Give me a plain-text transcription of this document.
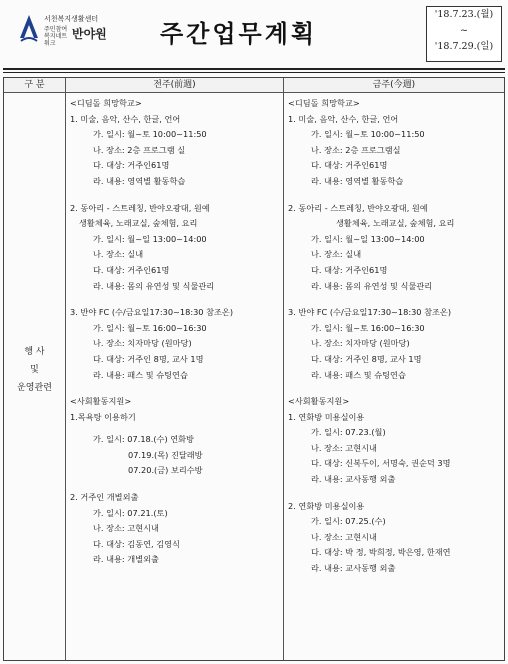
서천복지생활센터
주민참여 복지네트워크
반야원 주간업무계획
'18.7.23.(월)
~
'18.7.29.(일)
구 분	전주(前週)	금주(今週)
행 사
및
운영관련
<디딤돌 희망학교>
1. 미술, 음악, 산수, 한글, 언어
가. 일시: 월~토 10:00~11:50
나. 장소: 2층 프로그램 실
다. 대상: 거주인61명
라. 내용: 영역별 활동학습
2. 동아리 - 스트레칭, 반야오광대, 원예
생활체육, 노래교실, 숲체험, 요리
가. 일시: 월~일 13:00~14:00
나. 장소: 실내
다. 대상: 거주인61명
라. 내용: 몸의 유연성 및 식물관리
3. 반야 FC (수/금요일17:30~18:30 참조온)
가. 일시: 월~토 16:00~16:30
나. 장소: 치자마당 (원마당)
다. 대상: 거주인 8명, 교사 1명
라. 내용: 패스 및 슈팅연습
<사회활동지원>
1.목욕탕 이용하기
가. 일시: 07.18.(수) 연화방
07.19.(목) 진달래방
07.20.(금) 보리수방
2. 거주인 개별외출
가. 일시: 07.21.(토)
나. 장소: 고현시내
다. 대상: 김동연, 김영식
라. 내용: 개별외출
<디딤돌 희망학교>
1. 미술, 음악, 산수, 한글, 언어
가. 일시: 월~토 10:00~11:50
나. 장소: 2층 프로그램실
다. 대상: 거주인61명
라. 내용: 영역별 활동학습
2. 동아리 - 스트레칭, 반야오광대, 원예
생활체육, 노래교실, 숲체험, 요리
가. 일시: 월~일 13:00~14:00
나. 장소: 실내
다. 대상: 거주인61명
라. 내용: 몸의 유연성 및 식물관리
3. 반야 FC (수/금요일17:30~18:30 참조온)
가. 일시: 월~토 16:00~16:30
나. 장소: 치자마당 (원마당)
다. 대상: 거주인 8명, 교사 1명
라. 내용: 패스 및 슈팅연습
<사회활동지원>
1. 연화방 미용실이용
가. 일시: 07.23.(월)
나. 장소: 고현시내
다. 대상: 신복두이, 서명숙, 권순덕 3명
라. 내용: 교사동행 외출
2. 연화방 미용실이용
가. 일시: 07.25.(수)
나. 장소: 고현시내
다. 대상: 박 정, 박희정, 박은영, 한재연
라. 내용: 교사동행 외출
